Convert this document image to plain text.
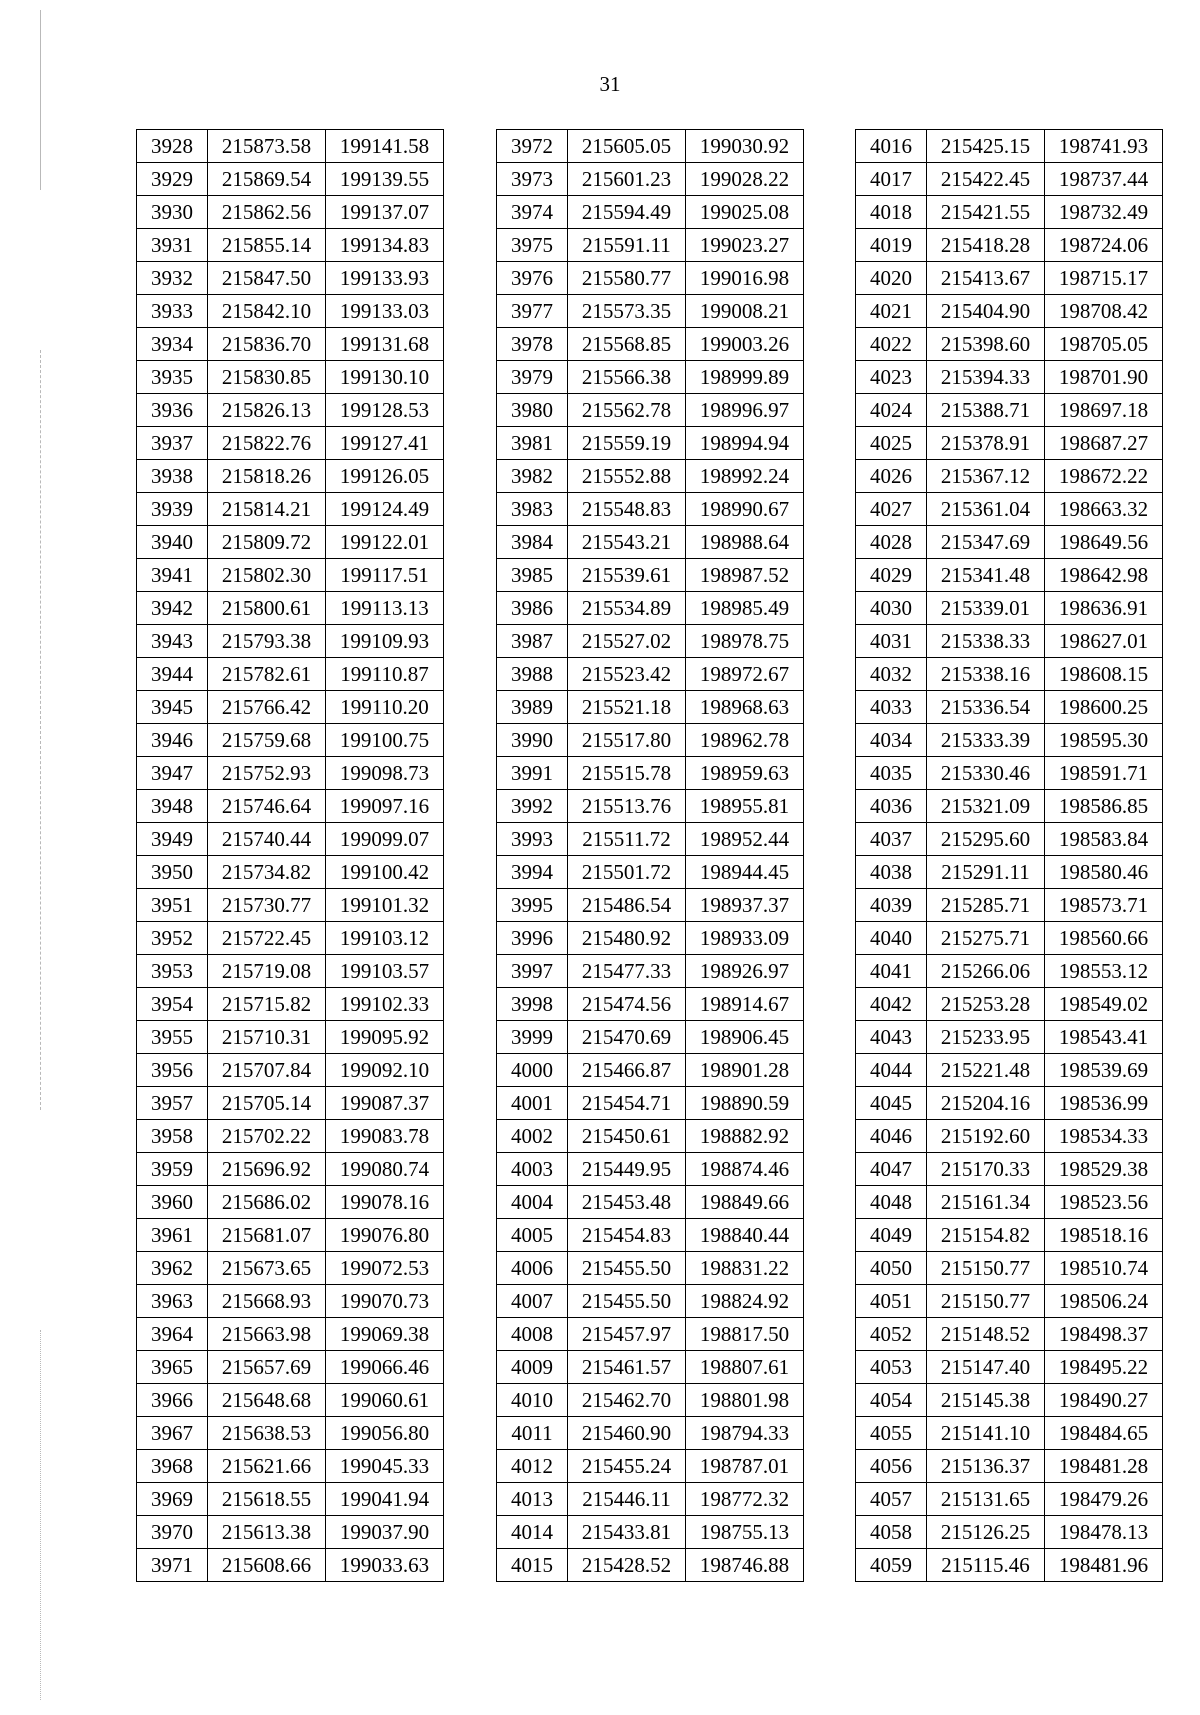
31
3928	215873.58	199141.58
3929	215869.54	199139.55
3930	215862.56	199137.07
3931	215855.14	199134.83
3932	215847.50	199133.93
3933	215842.10	199133.03
3934	215836.70	199131.68
3935	215830.85	199130.10
3936	215826.13	199128.53
3937	215822.76	199127.41
3938	215818.26	199126.05
3939	215814.21	199124.49
3940	215809.72	199122.01
3941	215802.30	199117.51
3942	215800.61	199113.13
3943	215793.38	199109.93
3944	215782.61	199110.87
3945	215766.42	199110.20
3946	215759.68	199100.75
3947	215752.93	199098.73
3948	215746.64	199097.16
3949	215740.44	199099.07
3950	215734.82	199100.42
3951	215730.77	199101.32
3952	215722.45	199103.12
3953	215719.08	199103.57
3954	215715.82	199102.33
3955	215710.31	199095.92
3956	215707.84	199092.10
3957	215705.14	199087.37
3958	215702.22	199083.78
3959	215696.92	199080.74
3960	215686.02	199078.16
3961	215681.07	199076.80
3962	215673.65	199072.53
3963	215668.93	199070.73
3964	215663.98	199069.38
3965	215657.69	199066.46
3966	215648.68	199060.61
3967	215638.53	199056.80
3968	215621.66	199045.33
3969	215618.55	199041.94
3970	215613.38	199037.90
3971	215608.66	199033.63
3972	215605.05	199030.92
3973	215601.23	199028.22
3974	215594.49	199025.08
3975	215591.11	199023.27
3976	215580.77	199016.98
3977	215573.35	199008.21
3978	215568.85	199003.26
3979	215566.38	198999.89
3980	215562.78	198996.97
3981	215559.19	198994.94
3982	215552.88	198992.24
3983	215548.83	198990.67
3984	215543.21	198988.64
3985	215539.61	198987.52
3986	215534.89	198985.49
3987	215527.02	198978.75
3988	215523.42	198972.67
3989	215521.18	198968.63
3990	215517.80	198962.78
3991	215515.78	198959.63
3992	215513.76	198955.81
3993	215511.72	198952.44
3994	215501.72	198944.45
3995	215486.54	198937.37
3996	215480.92	198933.09
3997	215477.33	198926.97
3998	215474.56	198914.67
3999	215470.69	198906.45
4000	215466.87	198901.28
4001	215454.71	198890.59
4002	215450.61	198882.92
4003	215449.95	198874.46
4004	215453.48	198849.66
4005	215454.83	198840.44
4006	215455.50	198831.22
4007	215455.50	198824.92
4008	215457.97	198817.50
4009	215461.57	198807.61
4010	215462.70	198801.98
4011	215460.90	198794.33
4012	215455.24	198787.01
4013	215446.11	198772.32
4014	215433.81	198755.13
4015	215428.52	198746.88
4016	215425.15	198741.93
4017	215422.45	198737.44
4018	215421.55	198732.49
4019	215418.28	198724.06
4020	215413.67	198715.17
4021	215404.90	198708.42
4022	215398.60	198705.05
4023	215394.33	198701.90
4024	215388.71	198697.18
4025	215378.91	198687.27
4026	215367.12	198672.22
4027	215361.04	198663.32
4028	215347.69	198649.56
4029	215341.48	198642.98
4030	215339.01	198636.91
4031	215338.33	198627.01
4032	215338.16	198608.15
4033	215336.54	198600.25
4034	215333.39	198595.30
4035	215330.46	198591.71
4036	215321.09	198586.85
4037	215295.60	198583.84
4038	215291.11	198580.46
4039	215285.71	198573.71
4040	215275.71	198560.66
4041	215266.06	198553.12
4042	215253.28	198549.02
4043	215233.95	198543.41
4044	215221.48	198539.69
4045	215204.16	198536.99
4046	215192.60	198534.33
4047	215170.33	198529.38
4048	215161.34	198523.56
4049	215154.82	198518.16
4050	215150.77	198510.74
4051	215150.77	198506.24
4052	215148.52	198498.37
4053	215147.40	198495.22
4054	215145.38	198490.27
4055	215141.10	198484.65
4056	215136.37	198481.28
4057	215131.65	198479.26
4058	215126.25	198478.13
4059	215115.46	198481.96
